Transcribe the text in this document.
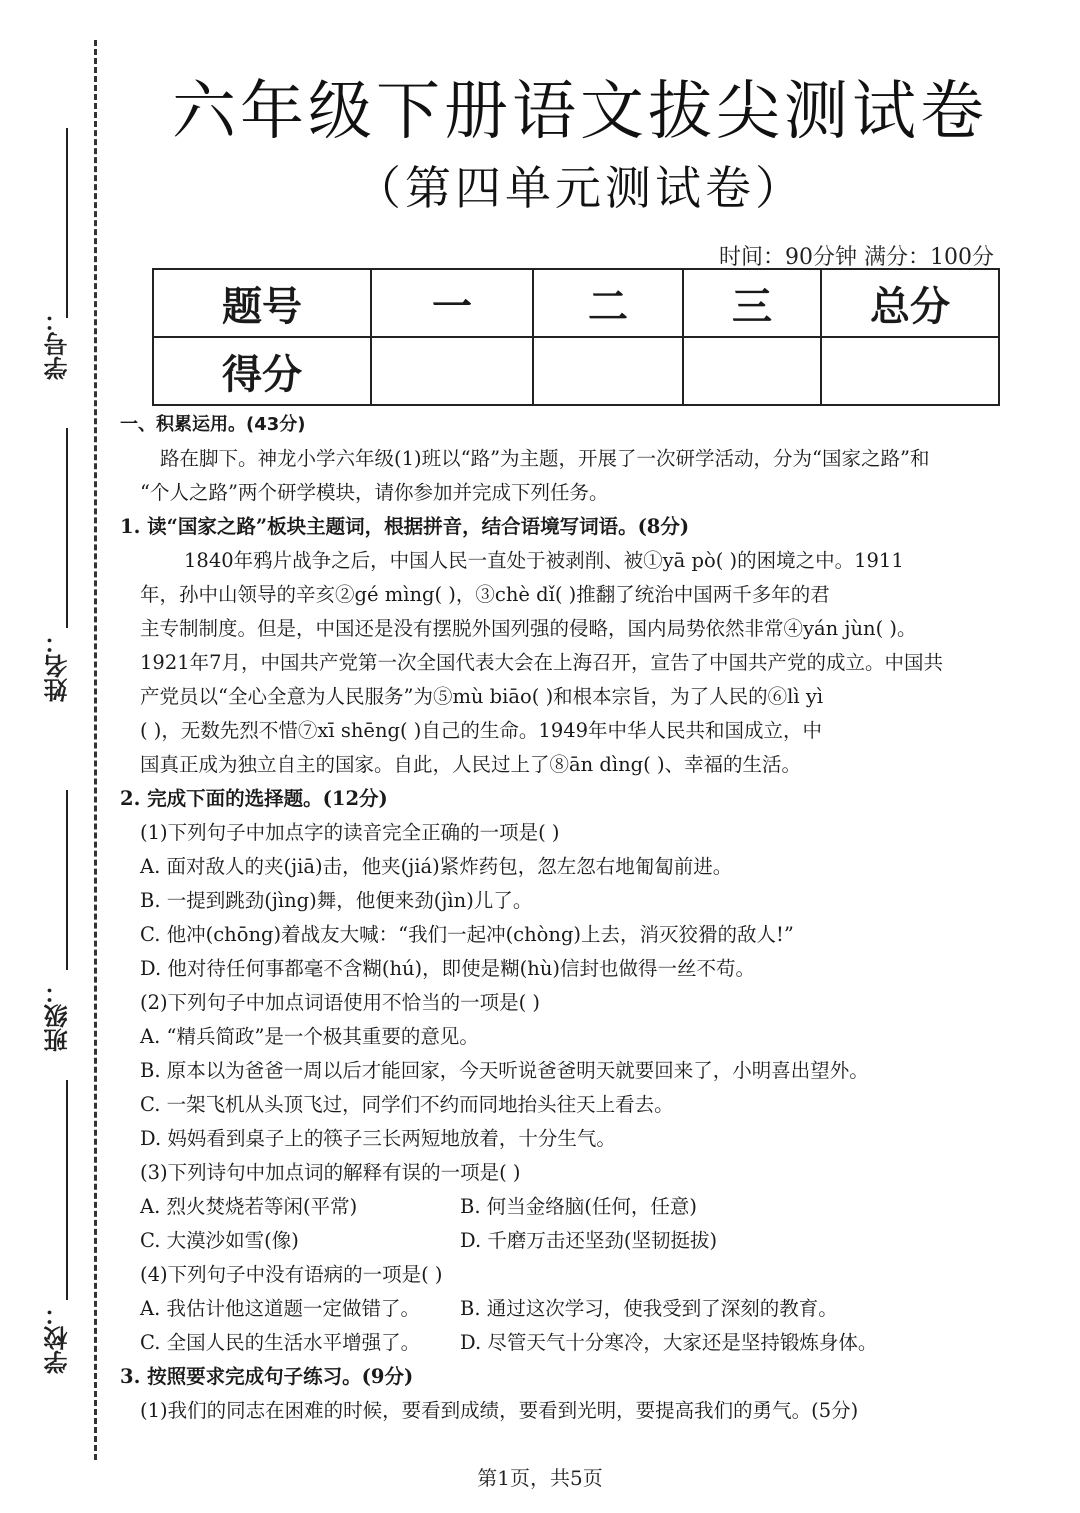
学号：
姓名：
班级：
学校：
六年级下册语文拔尖测试卷
（第四单元测试卷）
时间：90分钟 满分：100分
题号	一	二	三	总分
得分				
一、积累运用。(43分)
路在脚下。神龙小学六年级(1)班以“路”为主题，开展了一次研学活动，分为“国家之路”和
“个人之路”两个研学模块，请你参加并完成下列任务。
1. 读“国家之路”板块主题词，根据拼音，结合语境写词语。(8分)
1840年鸦片战争之后，中国人民一直处于被剥削、被①yā pò( )的困境之中。1911
年，孙中山领导的辛亥②gé mìng( )，③chè dǐ( )推翻了统治中国两千多年的君
主专制制度。但是，中国还是没有摆脱外国列强的侵略，国内局势依然非常④yán jùn( )。
1921年7月，中国共产党第一次全国代表大会在上海召开，宣告了中国共产党的成立。中国共
产党员以“全心全意为人民服务”为⑤mù biāo( )和根本宗旨，为了人民的⑥lì yì
( )，无数先烈不惜⑦xī shēng( )自己的生命。1949年中华人民共和国成立，中
国真正成为独立自主的国家。自此，人民过上了⑧ān dìng( )、幸福的生活。
2. 完成下面的选择题。(12分)
(1)下列句子中加点字的读音完全正确的一项是( )
A. 面对敌人的夹(jiā)击，他夹(jiá)紧炸药包，忽左忽右地匍匐前进。
B. 一提到跳劲(jìng)舞，他便来劲(jìn)儿了。
C. 他冲(chōng)着战友大喊：“我们一起冲(chòng)上去，消灭狡猾的敌人!”
D. 他对待任何事都毫不含糊(hú)，即使是糊(hù)信封也做得一丝不苟。
(2)下列句子中加点词语使用不恰当的一项是( )
A. “精兵简政”是一个极其重要的意见。
B. 原本以为爸爸一周以后才能回家，今天听说爸爸明天就要回来了，小明喜出望外。
C. 一架飞机从头顶飞过，同学们不约而同地抬头往天上看去。
D. 妈妈看到桌子上的筷子三长两短地放着，十分生气。
(3)下列诗句中加点词的解释有误的一项是( )
A. 烈火焚烧若等闲(平常)	B. 何当金络脑(任何，任意)
C. 大漠沙如雪(像)	D. 千磨万击还坚劲(坚韧挺拔)
(4)下列句子中没有语病的一项是( )
A. 我估计他这道题一定做错了。 B. 通过这次学习，使我受到了深刻的教育。
C. 全国人民的生活水平增强了。 D. 尽管天气十分寒冷，大家还是坚持锻炼身体。
3. 按照要求完成句子练习。(9分)
(1)我们的同志在困难的时候，要看到成绩，要看到光明，要提高我们的勇气。(5分)
第1页，共5页
